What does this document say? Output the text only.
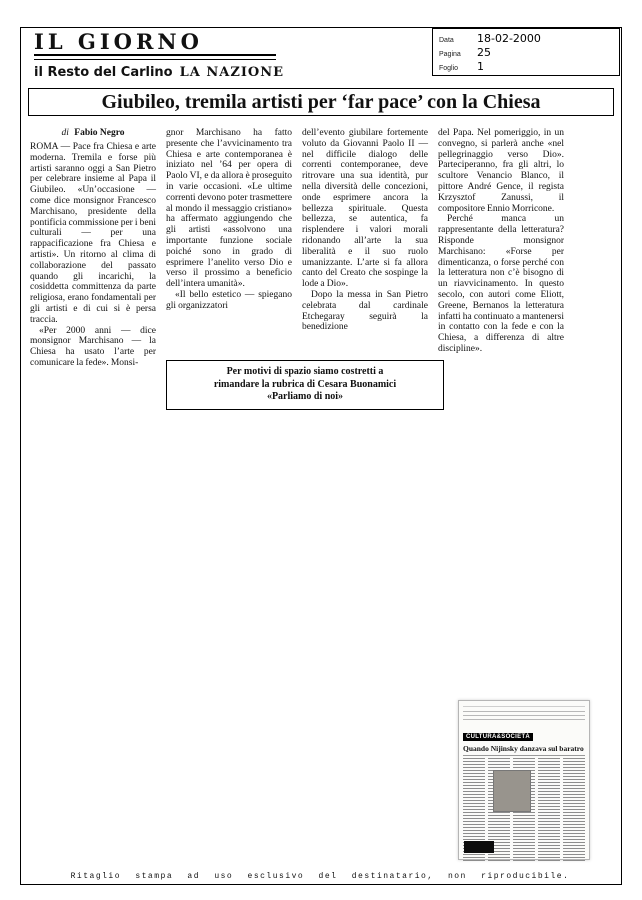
IL GIORNO
il Resto del Carlino LA NAZIONE
Data	18-02-2000
Pagina	25
Foglio	1
Giubileo, tremila artisti per ‘far pace’ con la Chiesa
di Fabio Negro

ROMA — Pace fra Chiesa e arte moderna. Tremila e forse più artisti saranno oggi a San Pietro per celebrare insieme al Papa il Giubileo. «Un’occasione — come dice monsignor Francesco Marchisano, presidente della pontificia commissione per i beni culturali — per una rappacificazione fra Chiesa e artisti». Un ritorno al clima di collaborazione del passato quando gli incarichi, la cosiddetta committenza da parte religiosa, erano fondamentali per gli artisti e di cui si è persa traccia.

«Per 2000 anni — dice monsignor Marchisano — la Chiesa ha usato l’arte per comunicare la fede». Monsi-

gnor Marchisano ha fatto presente che l’avvicinamento tra Chiesa e arte contemporanea è iniziato nel ’64 per opera di Paolo VI, e da allora è proseguito in varie occasioni. «Le ultime correnti devono poter trasmettere al mondo il messaggio cristiano» ha affermato aggiungendo che gli artisti «assolvono una importante funzione sociale poiché sono in grado di esprimere l’anelito verso Dio e verso il prossimo a beneficio dell’intera umanità».

«Il bello estetico — spiegano gli organizzatori

dell’evento giubilare fortemente voluto da Giovanni Paolo II — nel difficile dialogo delle correnti contemporanee, deve ritrovare una sua identità, pur nella diversità delle concezioni, onde esprimere ancora la bellezza spirituale. Questa bellezza, se autentica, fa risplendere i valori morali ridonando all’arte la sua liberalità e il suo ruolo umanizzante. L’arte si fa allora canto del Creato che sospinge la lode a Dio».

Dopo la messa in San Pietro celebrata dal cardinale Etchegaray seguirà la benedizione

del Papa. Nel pomeriggio, in un convegno, si parlerà anche «nel pellegrinaggio verso Dio». Parteciperanno, fra gli altri, lo scultore Venancio Blanco, il pittore André Gence, il regista Krzysztof Zanussi, il compositore Ennio Morricone.

Perché manca un rappresentante della letteratura? Risponde monsignor Marchisano: «Forse per dimenticanza, o forse perché con la letteratura non c’è bisogno di un riavvicinamento. In questo secolo, con autori come Eliott, Greene, Bernanos la letteratura infatti ha continuato a mantenersi in contatto con la fede e con la Chiesa, a differenza di altre discipline».

Per motivi di spazio siamo costretti a
rimandare la rubrica di Cesara Buonamici
«Parliamo di noi»
CULTURA&SOCIETÀ
Quando Nijinsky danzava sul baratro
Ritaglio stampa ad uso esclusivo del destinatario, non riproducibile.
